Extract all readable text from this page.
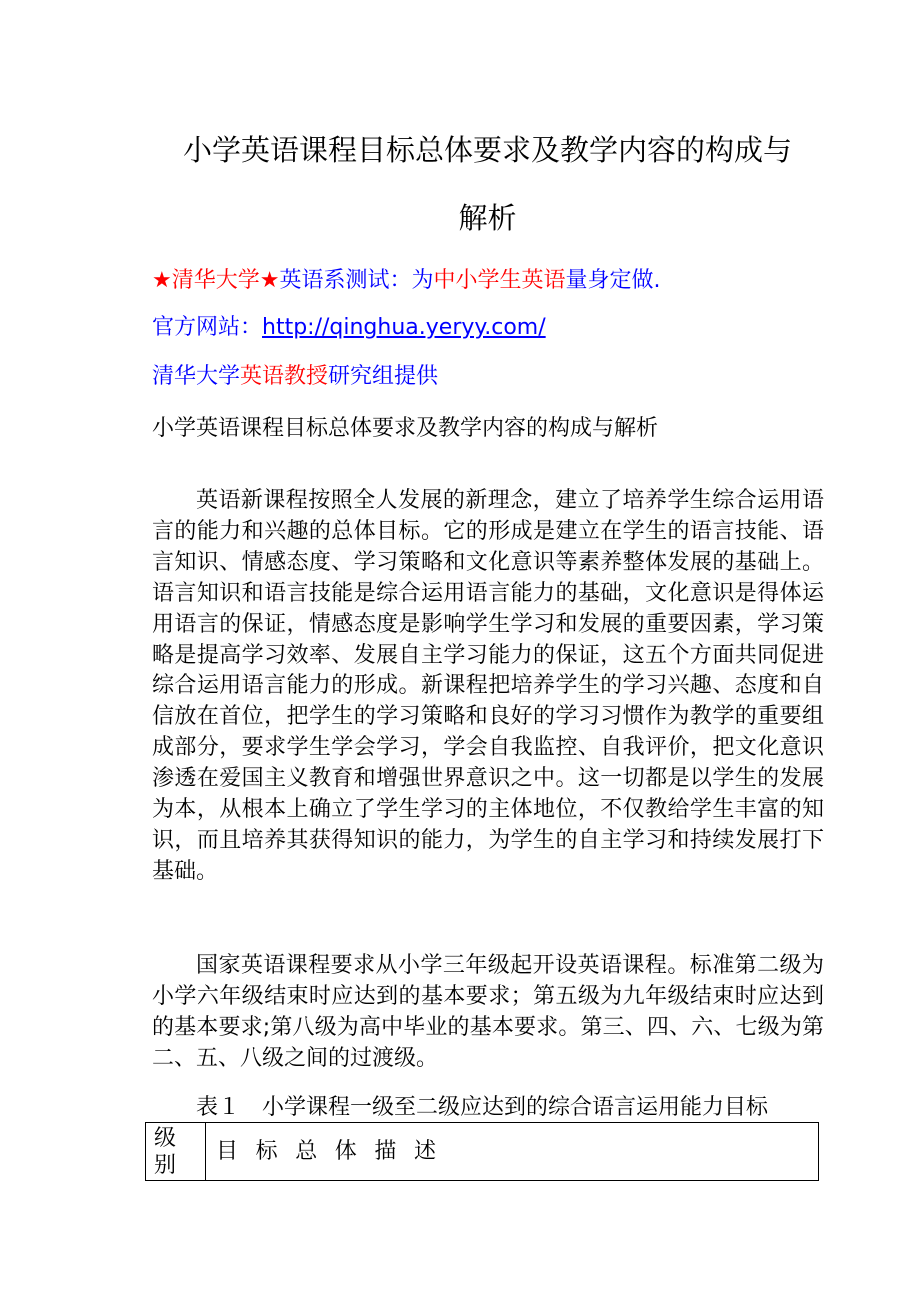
小学英语课程目标总体要求及教学内容的构成与
解析
★清华大学★英语系测试：为中小学生英语量身定做.
官方网站：http://qinghua.yeryy.com/
清华大学英语教授研究组提供
小学英语课程目标总体要求及教学内容的构成与解析

英语新课程按照全人发展的新理念，建立了培养学生综合运用语言的能力和兴趣的总体目标。它的形成是建立在学生的语言技能、语言知识、情感态度、学习策略和文化意识等素养整体发展的基础上。语言知识和语言技能是综合运用语言能力的基础，文化意识是得体运用语言的保证，情感态度是影响学生学习和发展的重要因素，学习策略是提高学习效率、发展自主学习能力的保证，这五个方面共同促进综合运用语言能力的形成。新课程把培养学生的学习兴趣、态度和自信放在首位，把学生的学习策略和良好的学习习惯作为教学的重要组成部分，要求学生学会学习，学会自我监控、自我评价，把文化意识渗透在爱国主义教育和增强世界意识之中。这一切都是以学生的发展为本，从根本上确立了学生学习的主体地位，不仅教给学生丰富的知识，而且培养其获得知识的能力，为学生的自主学习和持续发展打下基础。

国家英语课程要求从小学三年级起开设英语课程。标准第二级为小学六年级结束时应达到的基本要求；第五级为九年级结束时应达到的基本要求;第八级为高中毕业的基本要求。第三、四、六、七级为第二、五、八级之间的过渡级。

表１　小学课程一级至二级应达到的综合语言运用能力目标

级
别
目标总体描述
